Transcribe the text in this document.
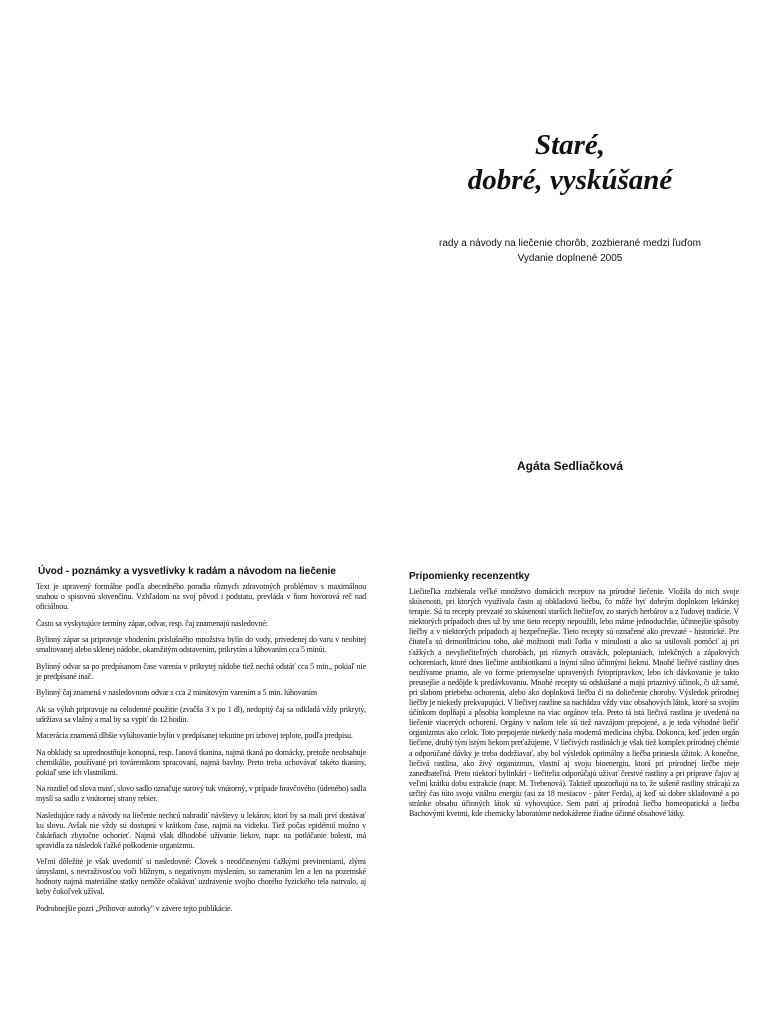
Staré,

dobré, vyskúšané

rady a návody na liečenie chorôb, zozbierané medzi ľuďom
Vydanie doplnené 2005
Agáta Sedliačková

Úvod - poznámky a vysvetlivky k radám a návodom na liečenie

Text je upravený formálne podľa abecedného poradia rôznych zdravotných problémov s maximálnou snahou o spisovnú slovenčinu. Vzhľadom na svoj pôvod i podstatu, prevláda v ňom hovorová reč nad oficiálnou.

Často sa vyskytujúce termíny zápar, odvar, resp. čaj znamenajú nasledovné:

Bylinný zápar sa pripravuje vhodením príslušného množstva bylín do vody, privedenej do varu v neobitej smaltovanej alebo sklenej nádobe, okamžitým odstavením, prikrytím a lúhovaním cca 5 minút.

Bylinný odvar sa po predpísanom čase varenia v prikrytej nádobe tiež nechá odstáť cca 5 min., pokiaľ nie je predpísané inač.

Bylinný čaj znamená v nasledovnom odvar s cca 2 minútovým varením a 5 min. lúhovaním

Ak sa výluh pripravuje na celodenné použitie (zvačša 3 x po 1 dl), nedopitý čaj sa odkladá vždy prikrytý, udržiava sa vlažný a mal by sa vypiť do 12 hodín.

Macerácia znamená dlhšie vylúhovanie bylín v predpísanej tekutine pri izbovej teplote, podľa predpisu.

Na obklady sa uprednostňuje konopná, resp. ľanová tkanina, najmä tkaná po domácky, pretože neobsahuje chemikálie, používané pri továrenskom spracovaní, najmä bavlny. Preto treba uchovávať takéto tkaniny, pokiaľ sme ich vlastníkmi.

Na rozdiel od slova masť, slovo sadlo označuje surový tuk vnútorný, v prípade bravčového (údeného) sadla myslí sa sadlo z vnútornej strany rebier.

Nasledujúce rady a návody na liečenie nechcú nahradiť návštevy u lekárov, ktorí by sa mali prví dostávať ku slovu. Avšak nie vždy sú dostupní v krátkom čase, najmä na vidieku. Tiež počas epidémií možno v čakárňach zbytočne ochorieť. Najmä však dlhodobé užívanie liekov, napr. na potláčanie bolesti, má spravidla za následok ťažké poškodenie organizmu.

Veľmi dôležité je však uvedomiť si nasledovné: Človek s neodčinenými ťažkými previneniami, zlými úmyslami, s nevraživosťou voči blížnym, s negatívnym myslením, so zameraním len a len na pozemské hodnoty najmä materiálne statky nemôže očakávať uzdravenie svojho chorého fyzického tela natrvalo, aj keby čokoľvek užíval.

Podrobnejšie pozri „Príhovor autorky" v závere tejto publikácie.

Pripomienky recenzentky

Liečiteľka zozbierala veľké množstvo domácich receptov na prírodné liečenie. Vložila do nich svoje skúsenosti, pri ktorých využívala často aj obkladovú liečbu, čo môže byť dobrým doplnkom lekárskej terapie. Sú tu recepty prevzaté zo skúseností starších liečiteľov, zo starých herbárov a z ľudovej tradície. V niektorých prípadoch dnes už by sme tieto recepty nepoužili, lebo máme jednoduchšie, účinnejšie spôsoby liečby a v niektorých prípadoch aj bezpečnejšie. Tieto recepty sú označené ako prevzaté - historické. Pre čitateľa sú demonštráciou toho, aké možnosti mali ľudia v minulosti a ako sa usilovali pomôcť aj pri ťažkých a nevyliečiteľných chorobách, pri rôznych otravách, poleptaniach, infekčných a zápalových ochoreniach, ktoré dnes liečime antibiotikami a inými silno účinnými liekmi. Mnohé liečivé rastliny dnes neužívame priamo, ale vo forme priemyselne upravených fytopripravkov, lebo ich dávkovanie je takto presnejšie a nedôjde k predávkovaniu. Mnohé recepty sú odskúšané a majú priaznivý účinok, či už samé, pri slabom priebehu ochorenia, alebo ako doplnková liečba či na doliečenie choroby. Výsledok prírodnej liečby je niekedy prekvapujúci. V liečivej rastline sa nachádza vždy viac obsahových látok, ktoré sa svojím účinkom dopĺňajú a pôsobia komplexne na viac orgánov tela. Preto tá istá liečivá rastlina je uvedená na liečenie viacerých ochorení. Orgány v našom tele sú tiež navzájom prepojené, a je teda výhodné liečiť organizmus ako celok. Toto prepojenie niekedy naša moderná medicína chýba. Dokonca, keď jeden orgán liečime, druhý tým istým liekom preťažujeme. V liečivých rastlinách je však tiež komplex prírodnej chémie a odporúčané dávky je treba dodržiavať, aby bol výsledok optimálny a liečba priniesla úžitok. A konečne, liečivá rastlina, ako živý organizmus, vlastní aj svoju bioenergiu, ktorá pri prírodnej liečbe nieje zanedbateľná. Preto niektorí bylinkári - liečitelia odporúčajú užívať čerstvé rastliny a pri príprave čajov aj veľmi krátku dobu extrakcie (napr. M. Trebenová). Taktiež upozorňujú na to, že sušené rastliny strácajú za určitý čas túto svoju vitálnu energiu (asi za 18 mesiacov - páter Ferda), aj keď sú dobre skladované a po stránke obsahu účinných látok sú vyhovujúce. Sem patrí aj prírodná liečba homeopatická a liečba Bachovými kvetmi, kde chemicky laboratórne nedokážeme žiadne účinné obsahové látky.
